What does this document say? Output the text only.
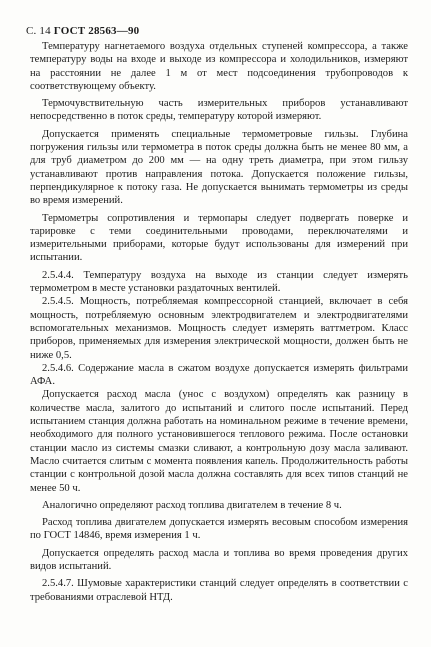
С. 14 ГОСТ 28563—90

Температуру нагнетаемого воздуха отдельных ступеней компрессора, а также температуру воды на входе и выходе из компрессора и холодильников, измеряют на расстоянии не далее 1 м от мест подсоединения трубопроводов к соответствующему объекту.

Термочувствительную часть измерительных приборов устанавливают непосредственно в поток среды, температуру которой измеряют.

Допускается применять специальные термометровые гильзы. Глубина погружения гильзы или термометра в поток среды должна быть не менее 80 мм, а для труб диаметром до 200 мм — на одну треть диаметра, при этом гильзу устанавливают против направления потока. Допускается положение гильзы, перпендикулярное к потоку газа. Не допускается вынимать термометры из среды во время измерений.

Термометры сопротивления и термопары следует подвергать поверке и тарировке с теми соединительными проводами, переключателями и измерительными приборами, которые будут использованы для измерений при испытании.

2.5.4.4. Температуру воздуха на выходе из станции следует измерять термометром в месте установки раздаточных вентилей.

2.5.4.5. Мощность, потребляемая компрессорной станцией, включает в себя мощность, потребляемую основным электродвигателем и электродвигателями вспомогательных механизмов. Мощность следует измерять ваттметром. Класс приборов, применяемых для измерения электрической мощности, должен быть не ниже 0,5.

2.5.4.6. Содержание масла в сжатом воздухе допускается измерять фильтрами АФА.

Допускается расход масла (унос с воздухом) определять как разницу в количестве масла, залитого до испытаний и слитого после испытаний. Перед испытанием станция должна работать на номинальном режиме в течение времени, необходимого для полного установившегося теплового режима. После остановки станции масло из системы смазки сливают, а контрольную дозу масла заливают. Масло считается слитым с момента появления капель. Продолжительность работы станции с контрольной дозой масла должна составлять для всех типов станций не менее 50 ч.

Аналогично определяют расход топлива двигателем в течение 8 ч.

Расход топлива двигателем допускается измерять весовым способом измерения по ГОСТ 14846, время измерения 1 ч.

Допускается определять расход масла и топлива во время проведения других видов испытаний.

2.5.4.7. Шумовые характеристики станций следует определять в соответствии с требованиями отраслевой НТД.
